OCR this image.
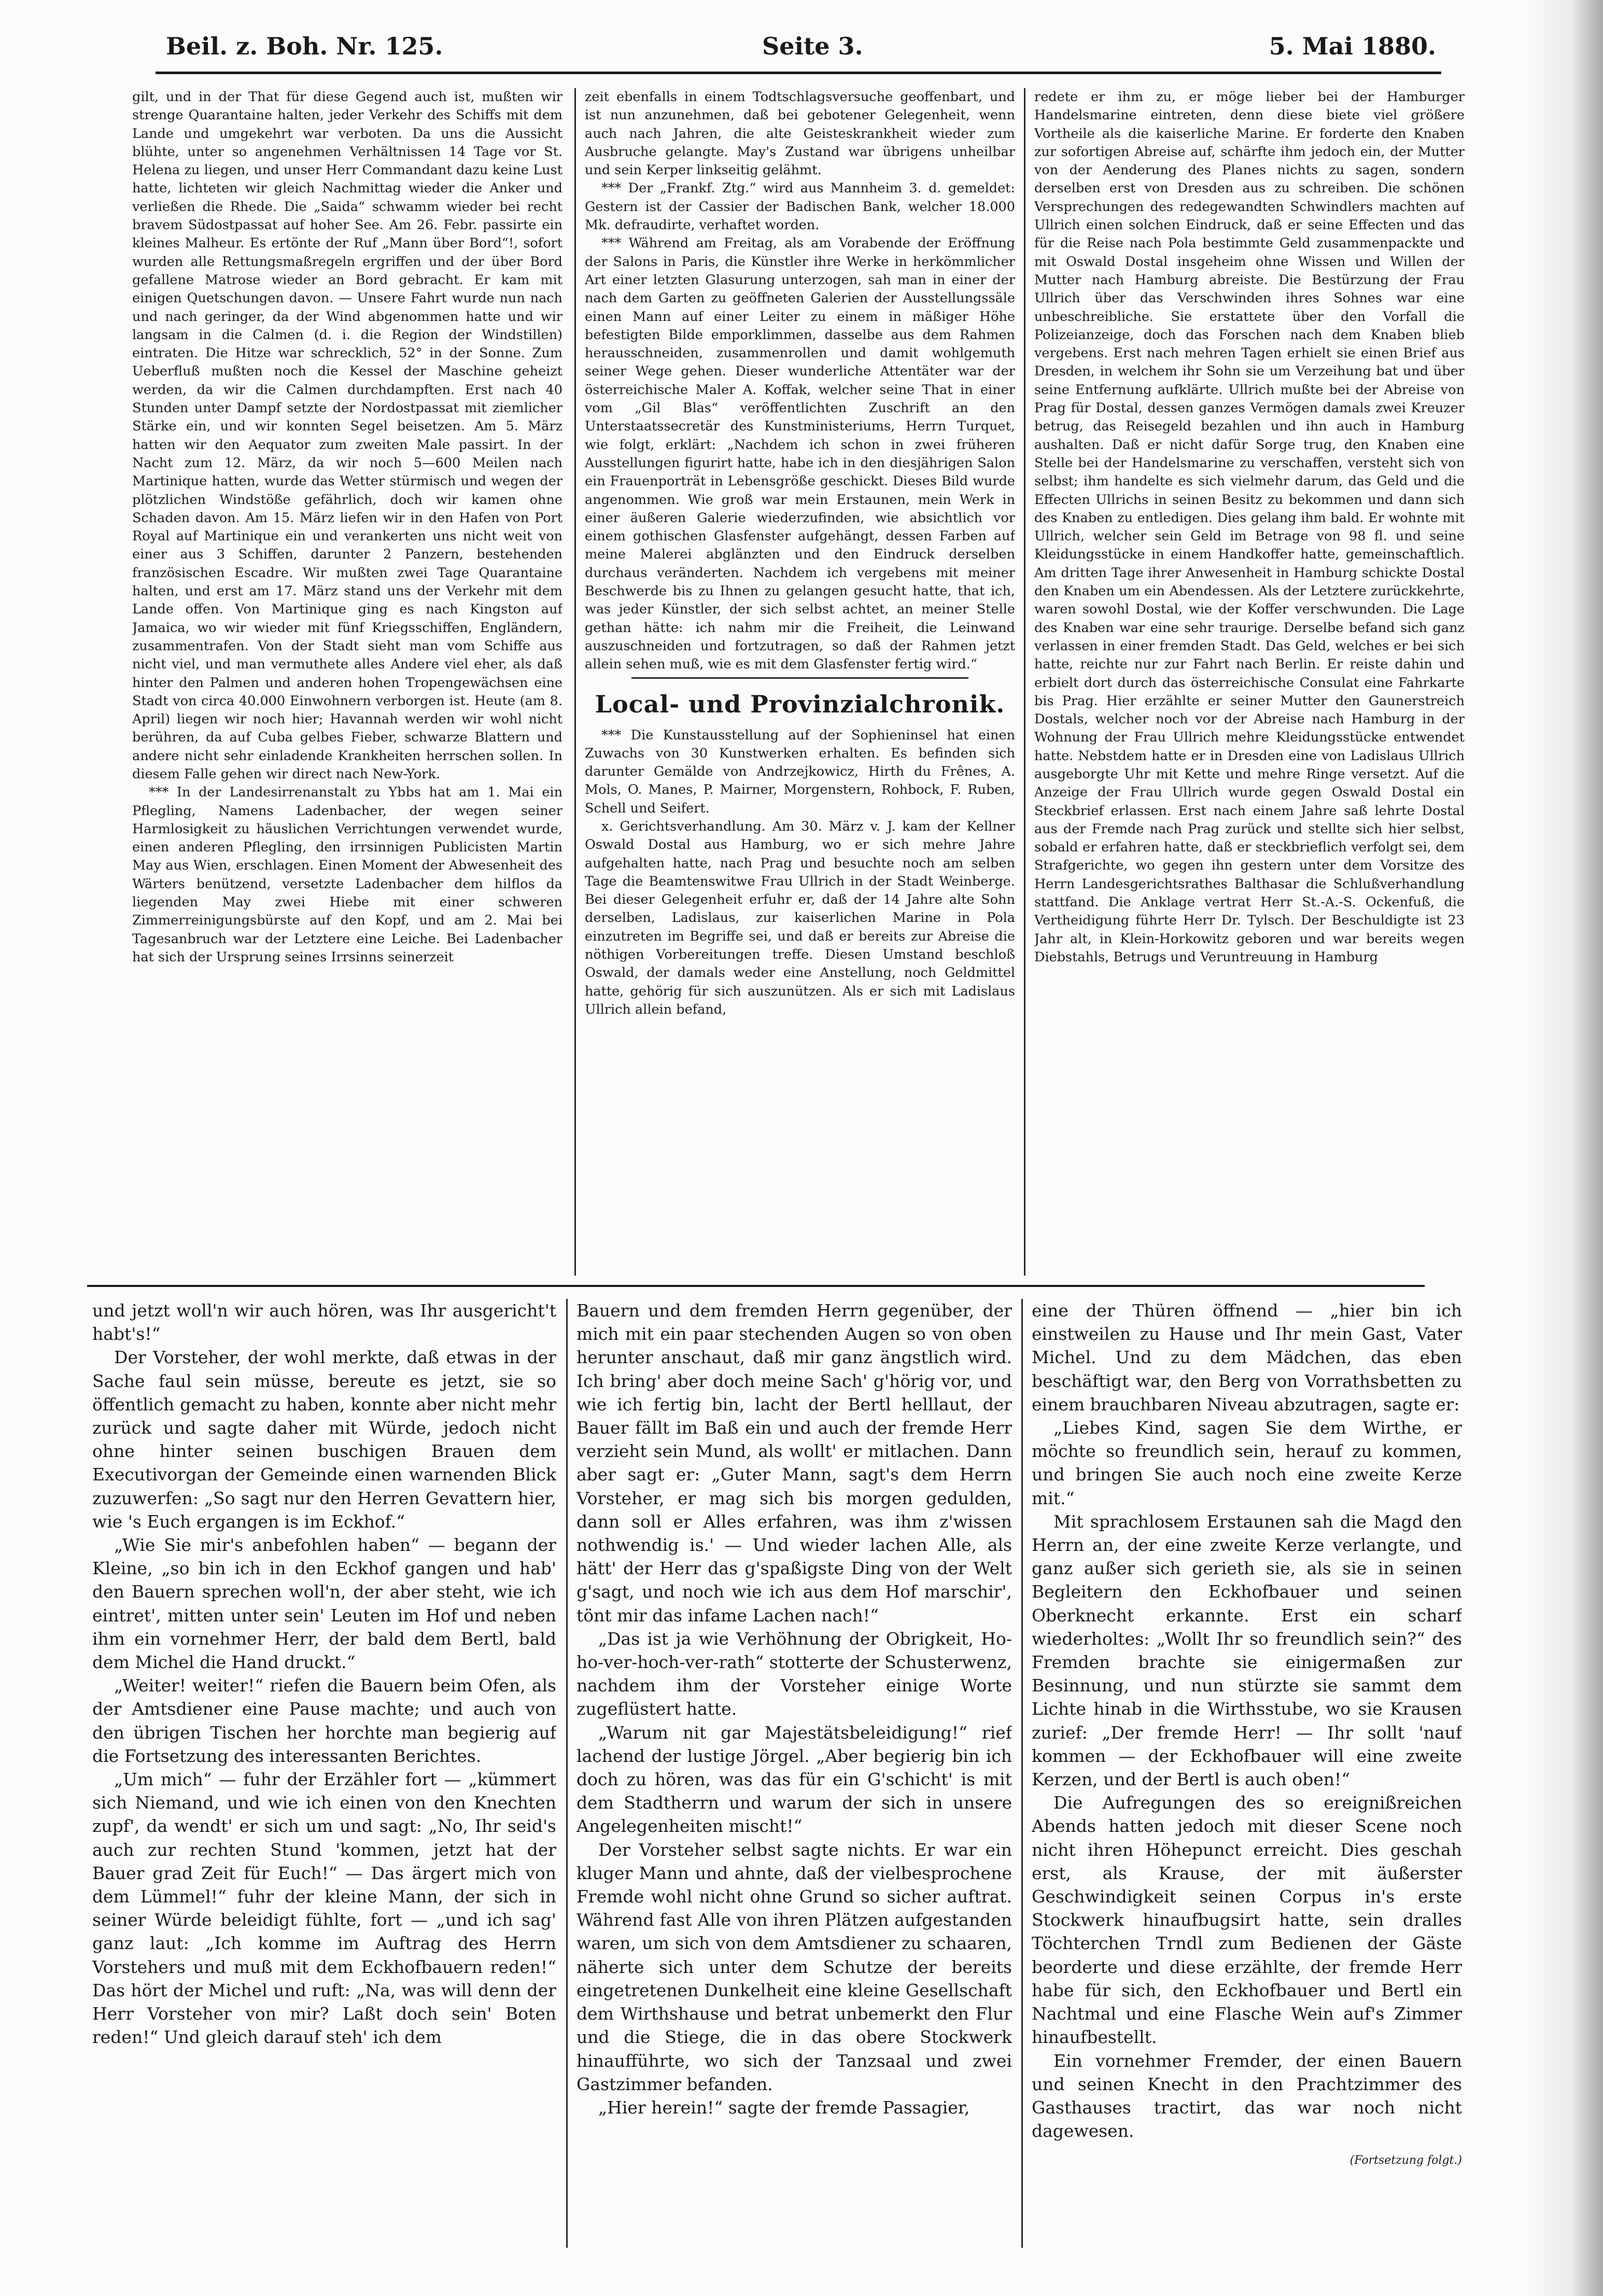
Beil. z. Boh. Nr. 125.	Seite 3.	5. Mai 1880.

gilt, und in der That für diese Gegend auch ist, mußten wir strenge Quarantaine halten, jeder Verkehr des Schiffs mit dem Lande und umgekehrt war verboten. Da uns die Aussicht blühte, unter so angenehmen Verhältnissen 14 Tage vor St. Helena zu liegen, und unser Herr Commandant dazu keine Lust hatte, lichteten wir gleich Nachmittag wieder die Anker und verließen die Rhede. Die „Saida“ schwamm wieder bei recht bravem Südostpassat auf hoher See. Am 26. Febr. passirte ein kleines Malheur. Es ertönte der Ruf „Mann über Bord“!, sofort wurden alle Rettungsmaßregeln ergriffen und der über Bord gefallene Matrose wieder an Bord gebracht. Er kam mit einigen Quetschungen davon. — Unsere Fahrt wurde nun nach und nach geringer, da der Wind abgenommen hatte und wir langsam in die Calmen (d. i. die Region der Windstillen) eintraten. Die Hitze war schrecklich, 52° in der Sonne. Zum Ueberfluß mußten noch die Kessel der Maschine geheizt werden, da wir die Calmen durchdampften. Erst nach 40 Stunden unter Dampf setzte der Nordostpassat mit ziemlicher Stärke ein, und wir konnten Segel beisetzen. Am 5. März hatten wir den Aequator zum zweiten Male passirt. In der Nacht zum 12. März, da wir noch 5—600 Meilen nach Martinique hatten, wurde das Wetter stürmisch und wegen der plötzlichen Windstöße gefährlich, doch wir kamen ohne Schaden davon. Am 15. März liefen wir in den Hafen von Port Royal auf Martinique ein und verankerten uns nicht weit von einer aus 3 Schiffen, darunter 2 Panzern, bestehenden französischen Escadre. Wir mußten zwei Tage Quarantaine halten, und erst am 17. März stand uns der Verkehr mit dem Lande offen. Von Martinique ging es nach Kingston auf Jamaica, wo wir wieder mit fünf Kriegsschiffen, Engländern, zusammentrafen. Von der Stadt sieht man vom Schiffe aus nicht viel, und man vermuthete alles Andere viel eher, als daß hinter den Palmen und anderen hohen Tropengewächsen eine Stadt von circa 40.000 Einwohnern verborgen ist. Heute (am 8. April) liegen wir noch hier; Havannah werden wir wohl nicht berühren, da auf Cuba gelbes Fieber, schwarze Blattern und andere nicht sehr einladende Krankheiten herrschen sollen. In diesem Falle gehen wir direct nach New-York.

*** In der Landesirrenanstalt zu Ybbs hat am 1. Mai ein Pflegling, Namens Ladenbacher, der wegen seiner Harmlosigkeit zu häuslichen Verrichtungen verwendet wurde, einen anderen Pflegling, den irrsinnigen Publicisten Martin May aus Wien, erschlagen. Einen Moment der Abwesenheit des Wärters benützend, versetzte Ladenbacher dem hilflos da liegenden May zwei Hiebe mit einer schweren Zimmerreinigungsbürste auf den Kopf, und am 2. Mai bei Tagesanbruch war der Letztere eine Leiche. Bei Ladenbacher hat sich der Ursprung seines Irrsinns seinerzeit

zeit ebenfalls in einem Todtschlagsversuche geoffenbart, und ist nun anzunehmen, daß bei gebotener Gelegenheit, wenn auch nach Jahren, die alte Geisteskrankheit wieder zum Ausbruche gelangte. May's Zustand war übrigens unheilbar und sein Kerper linkseitig gelähmt.

*** Der „Frankf. Ztg.“ wird aus Mannheim 3. d. gemeldet: Gestern ist der Cassier der Badischen Bank, welcher 18.000 Mk. defraudirte, verhaftet worden.

*** Während am Freitag, als am Vorabende der Eröffnung der Salons in Paris, die Künstler ihre Werke in herkömmlicher Art einer letzten Glasurung unterzogen, sah man in einer der nach dem Garten zu geöffneten Galerien der Ausstellungssäle einen Mann auf einer Leiter zu einem in mäßiger Höhe befestigten Bilde emporklimmen, dasselbe aus dem Rahmen herausschneiden, zusammenrollen und damit wohlgemuth seiner Wege gehen. Dieser wunderliche Attentäter war der österreichische Maler A. Koffak, welcher seine That in einer vom „Gil Blas“ veröffentlichten Zuschrift an den Unterstaatssecretär des Kunstministeriums, Herrn Turquet, wie folgt, erklärt: „Nachdem ich schon in zwei früheren Ausstellungen figurirt hatte, habe ich in den diesjährigen Salon ein Frauenporträt in Lebensgröße geschickt. Dieses Bild wurde angenommen. Wie groß war mein Erstaunen, mein Werk in einer äußeren Galerie wiederzufinden, wie absichtlich vor einem gothischen Glasfenster aufgehängt, dessen Farben auf meine Malerei abglänzten und den Eindruck derselben durchaus veränderten. Nachdem ich vergebens mit meiner Beschwerde bis zu Ihnen zu gelangen gesucht hatte, that ich, was jeder Künstler, der sich selbst achtet, an meiner Stelle gethan hätte: ich nahm mir die Freiheit, die Leinwand auszuschneiden und fortzutragen, so daß der Rahmen jetzt allein sehen muß, wie es mit dem Glasfenster fertig wird.“

Local- und Provinzialchronik.

*** Die Kunstausstellung auf der Sophieninsel hat einen Zuwachs von 30 Kunstwerken erhalten. Es befinden sich darunter Gemälde von Andrzejkowicz, Hirth du Frênes, A. Mols, O. Manes, P. Mairner, Morgenstern, Rohbock, F. Ruben, Schell und Seifert.

x. Gerichtsverhandlung. Am 30. März v. J. kam der Kellner Oswald Dostal aus Hamburg, wo er sich mehre Jahre aufgehalten hatte, nach Prag und besuchte noch am selben Tage die Beamtenswitwe Frau Ullrich in der Stadt Weinberge. Bei dieser Gelegenheit erfuhr er, daß der 14 Jahre alte Sohn derselben, Ladislaus, zur kaiserlichen Marine in Pola einzutreten im Begriffe sei, und daß er bereits zur Abreise die nöthigen Vorbereitungen treffe. Diesen Umstand beschloß Oswald, der damals weder eine Anstellung, noch Geldmittel hatte, gehörig für sich auszunützen. Als er sich mit Ladislaus Ullrich allein befand,

redete er ihm zu, er möge lieber bei der Hamburger Handelsmarine eintreten, denn diese biete viel größere Vortheile als die kaiserliche Marine. Er forderte den Knaben zur sofortigen Abreise auf, schärfte ihm jedoch ein, der Mutter von der Aenderung des Planes nichts zu sagen, sondern derselben erst von Dresden aus zu schreiben. Die schönen Versprechungen des redegewandten Schwindlers machten auf Ullrich einen solchen Eindruck, daß er seine Effecten und das für die Reise nach Pola bestimmte Geld zusammenpackte und mit Oswald Dostal insgeheim ohne Wissen und Willen der Mutter nach Hamburg abreiste. Die Bestürzung der Frau Ullrich über das Verschwinden ihres Sohnes war eine unbeschreibliche. Sie erstattete über den Vorfall die Polizeianzeige, doch das Forschen nach dem Knaben blieb vergebens. Erst nach mehren Tagen erhielt sie einen Brief aus Dresden, in welchem ihr Sohn sie um Verzeihung bat und über seine Entfernung aufklärte. Ullrich mußte bei der Abreise von Prag für Dostal, dessen ganzes Vermögen damals zwei Kreuzer betrug, das Reisegeld bezahlen und ihn auch in Hamburg aushalten. Daß er nicht dafür Sorge trug, den Knaben eine Stelle bei der Handelsmarine zu verschaffen, versteht sich von selbst; ihm handelte es sich vielmehr darum, das Geld und die Effecten Ullrichs in seinen Besitz zu bekommen und dann sich des Knaben zu entledigen. Dies gelang ihm bald. Er wohnte mit Ullrich, welcher sein Geld im Betrage von 98 fl. und seine Kleidungsstücke in einem Handkoffer hatte, gemeinschaftlich. Am dritten Tage ihrer Anwesenheit in Hamburg schickte Dostal den Knaben um ein Abendessen. Als der Letztere zurückkehrte, waren sowohl Dostal, wie der Koffer verschwunden. Die Lage des Knaben war eine sehr traurige. Derselbe befand sich ganz verlassen in einer fremden Stadt. Das Geld, welches er bei sich hatte, reichte nur zur Fahrt nach Berlin. Er reiste dahin und erbielt dort durch das österreichische Consulat eine Fahrkarte bis Prag. Hier erzählte er seiner Mutter den Gaunerstreich Dostals, welcher noch vor der Abreise nach Hamburg in der Wohnung der Frau Ullrich mehre Kleidungsstücke entwendet hatte. Nebstdem hatte er in Dresden eine von Ladislaus Ullrich ausgeborgte Uhr mit Kette und mehre Ringe versetzt. Auf die Anzeige der Frau Ullrich wurde gegen Oswald Dostal ein Steckbrief erlassen. Erst nach einem Jahre saß lehrte Dostal aus der Fremde nach Prag zurück und stellte sich hier selbst, sobald er erfahren hatte, daß er steckbrieflich verfolgt sei, dem Strafgerichte, wo gegen ihn gestern unter dem Vorsitze des Herrn Landesgerichtsrathes Balthasar die Schlußverhandlung stattfand. Die Anklage vertrat Herr St.-A.-S. Ockenfuß, die Vertheidigung führte Herr Dr. Tylsch. Der Beschuldigte ist 23 Jahr alt, in Klein-Horkowitz geboren und war bereits wegen Diebstahls, Betrugs und Veruntreuung in Hamburg

und jetzt woll'n wir auch hören, was Ihr ausgericht't habt's!“

Der Vorsteher, der wohl merkte, daß etwas in der Sache faul sein müsse, bereute es jetzt, sie so öffentlich gemacht zu haben, konnte aber nicht mehr zurück und sagte daher mit Würde, jedoch nicht ohne hinter seinen buschigen Brauen dem Executivorgan der Gemeinde einen warnenden Blick zuzuwerfen: „So sagt nur den Herren Gevattern hier, wie 's Euch ergangen is im Eckhof.“

„Wie Sie mir's anbefohlen haben“ — begann der Kleine, „so bin ich in den Eckhof gangen und hab' den Bauern sprechen woll'n, der aber steht, wie ich eintret', mitten unter sein' Leuten im Hof und neben ihm ein vornehmer Herr, der bald dem Bertl, bald dem Michel die Hand druckt.“

„Weiter! weiter!“ riefen die Bauern beim Ofen, als der Amtsdiener eine Pause machte; und auch von den übrigen Tischen her horchte man begierig auf die Fortsetzung des interessanten Berichtes.

„Um mich“ — fuhr der Erzähler fort — „kümmert sich Niemand, und wie ich einen von den Knechten zupf', da wendt' er sich um und sagt: „No, Ihr seid's auch zur rechten Stund 'kommen, jetzt hat der Bauer grad Zeit für Euch!“ — Das ärgert mich von dem Lümmel!“ fuhr der kleine Mann, der sich in seiner Würde beleidigt fühlte, fort — „und ich sag' ganz laut: „Ich komme im Auftrag des Herrn Vorstehers und muß mit dem Eckhofbauern reden!“ Das hört der Michel und ruft: „Na, was will denn der Herr Vorsteher von mir? Laßt doch sein' Boten reden!“ Und gleich darauf steh' ich dem

Bauern und dem fremden Herrn gegenüber, der mich mit ein paar stechenden Augen so von oben herunter anschaut, daß mir ganz ängstlich wird. Ich bring' aber doch meine Sach' g'hörig vor, und wie ich fertig bin, lacht der Bertl helllaut, der Bauer fällt im Baß ein und auch der fremde Herr verzieht sein Mund, als wollt' er mitlachen. Dann aber sagt er: „Guter Mann, sagt's dem Herrn Vorsteher, er mag sich bis morgen gedulden, dann soll er Alles erfahren, was ihm z'wissen nothwendig is.' — Und wieder lachen Alle, als hätt' der Herr das g'spaßigste Ding von der Welt g'sagt, und noch wie ich aus dem Hof marschir', tönt mir das infame Lachen nach!“

„Das ist ja wie Verhöhnung der Obrigkeit, Ho-ho-ver-hoch-ver-rath“ stotterte der Schusterwenz, nachdem ihm der Vorsteher einige Worte zugeflüstert hatte.

„Warum nit gar Majestätsbeleidigung!“ rief lachend der lustige Jörgel. „Aber begierig bin ich doch zu hören, was das für ein G'schicht' is mit dem Stadtherrn und warum der sich in unsere Angelegenheiten mischt!“

Der Vorsteher selbst sagte nichts. Er war ein kluger Mann und ahnte, daß der vielbesprochene Fremde wohl nicht ohne Grund so sicher auftrat. Während fast Alle von ihren Plätzen aufgestanden waren, um sich von dem Amtsdiener zu schaaren, näherte sich unter dem Schutze der bereits eingetretenen Dunkelheit eine kleine Gesellschaft dem Wirthshause und betrat unbemerkt den Flur und die Stiege, die in das obere Stockwerk hinaufführte, wo sich der Tanzsaal und zwei Gastzimmer befanden.

„Hier herein!“ sagte der fremde Passagier,

eine der Thüren öffnend — „hier bin ich einstweilen zu Hause und Ihr mein Gast, Vater Michel. Und zu dem Mädchen, das eben beschäftigt war, den Berg von Vorrathsbetten zu einem brauchbaren Niveau abzutragen, sagte er:

„Liebes Kind, sagen Sie dem Wirthe, er möchte so freundlich sein, herauf zu kommen, und bringen Sie auch noch eine zweite Kerze mit.“

Mit sprachlosem Erstaunen sah die Magd den Herrn an, der eine zweite Kerze verlangte, und ganz außer sich gerieth sie, als sie in seinen Begleitern den Eckhofbauer und seinen Oberknecht erkannte. Erst ein scharf wiederholtes: „Wollt Ihr so freundlich sein?“ des Fremden brachte sie einigermaßen zur Besinnung, und nun stürzte sie sammt dem Lichte hinab in die Wirthsstube, wo sie Krausen zurief: „Der fremde Herr! — Ihr sollt 'nauf kommen — der Eckhofbauer will eine zweite Kerzen, und der Bertl is auch oben!“

Die Aufregungen des so ereignißreichen Abends hatten jedoch mit dieser Scene noch nicht ihren Höhepunct erreicht. Dies geschah erst, als Krause, der mit äußerster Geschwindigkeit seinen Corpus in's erste Stockwerk hinaufbugsirt hatte, sein dralles Töchterchen Trndl zum Bedienen der Gäste beorderte und diese erzählte, der fremde Herr habe für sich, den Eckhofbauer und Bertl ein Nachtmal und eine Flasche Wein auf's Zimmer hinaufbestellt.

Ein vornehmer Fremder, der einen Bauern und seinen Knecht in den Prachtzimmer des Gasthauses tractirt, das war noch nicht dagewesen.

(Fortsetzung folgt.)
